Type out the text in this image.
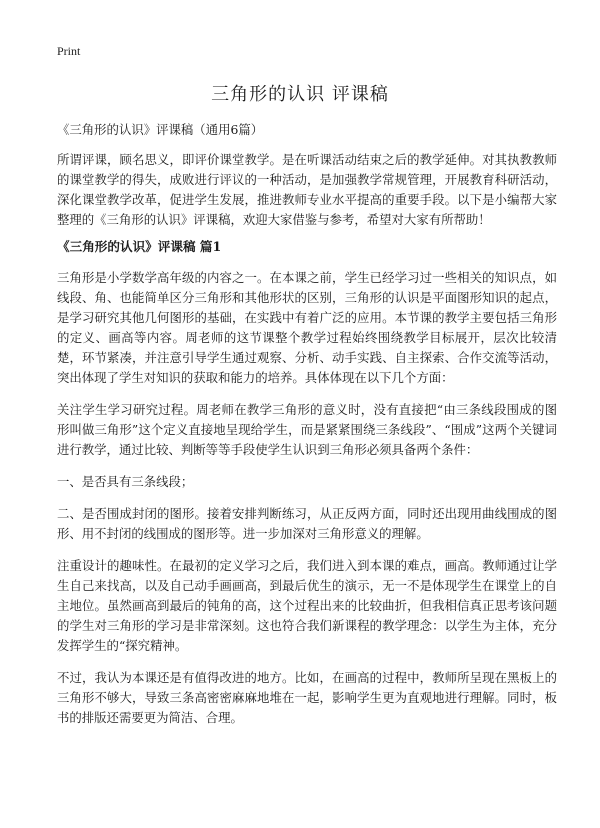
Print
三角形的认识 评课稿

《三角形的认识》评课稿（通用6篇）

所谓评课，顾名思义，即评价课堂教学。是在听课活动结束之后的教学延伸。对其执教教师的课堂教学的得失，成败进行评议的一种活动，是加强教学常规管理，开展教育科研活动，深化课堂教学改革，促进学生发展，推进教师专业水平提高的重要手段。以下是小编帮大家整理的《三角形的认识》评课稿，欢迎大家借鉴与参考，希望对大家有所帮助！

《三角形的认识》评课稿 篇1

三角形是小学数学高年级的内容之一。在本课之前，学生已经学习过一些相关的知识点，如线段、角、也能简单区分三角形和其他形状的区别，三角形的认识是平面图形知识的起点，是学习研究其他几何图形的基础，在实践中有着广泛的应用。本节课的教学主要包括三角形的定义、画高等内容。周老师的这节课整个教学过程始终围绕教学目标展开，层次比较清楚，环节紧凑，并注意引导学生通过观察、分析、动手实践、自主探索、合作交流等活动，突出体现了学生对知识的获取和能力的培养。具体体现在以下几个方面：

关注学生学习研究过程。周老师在教学三角形的意义时，没有直接把“由三条线段围成的图形叫做三角形”这个定义直接地呈现给学生，而是紧紧围绕三条线段”、“围成”这两个关键词进行教学，通过比较、判断等等手段使学生认识到三角形必须具备两个条件：

一、是否具有三条线段；

二、是否围成封闭的图形。接着安排判断练习，从正反两方面，同时还出现用曲线围成的图形、用不封闭的线围成的图形等。进一步加深对三角形意义的理解。

注重设计的趣味性。在最初的定义学习之后，我们进入到本课的难点，画高。教师通过让学生自己来找高，以及自己动手画画高，到最后优生的演示，无一不是体现学生在课堂上的自主地位。虽然画高到最后的钝角的高，这个过程出来的比较曲折，但我相信真正思考该问题的学生对三角形的学习是非常深刻。这也符合我们新课程的教学理念：以学生为主体，充分发挥学生的“探究精神。

不过，我认为本课还是有值得改进的地方。比如，在画高的过程中，教师所呈现在黑板上的三角形不够大，导致三条高密密麻麻地堆在一起，影响学生更为直观地进行理解。同时，板书的排版还需要更为简洁、合理。
